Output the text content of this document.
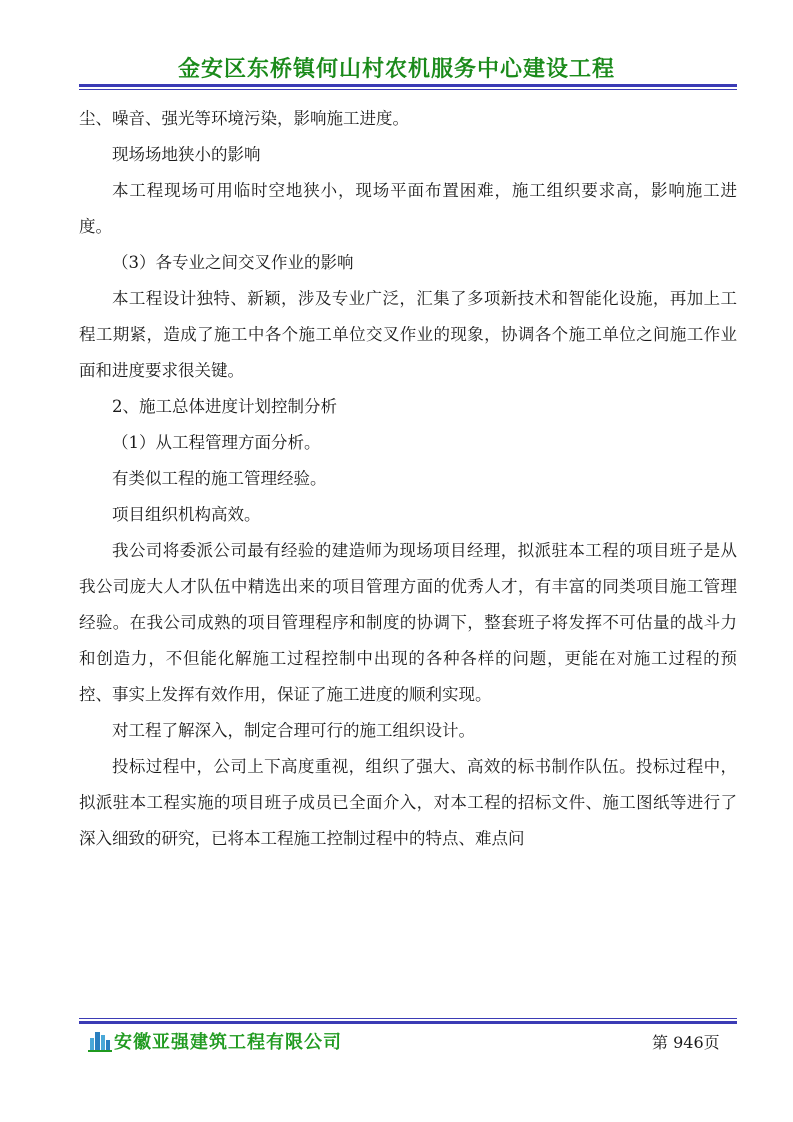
金安区东桥镇何山村农机服务中心建设工程

尘、噪音、强光等环境污染，影响施工进度。

现场场地狭小的影响

本工程现场可用临时空地狭小，现场平面布置困难，施工组织要求高，影响施工进度。

（3）各专业之间交叉作业的影响

本工程设计独特、新颖，涉及专业广泛，汇集了多项新技术和智能化设施，再加上工程工期紧，造成了施工中各个施工单位交叉作业的现象，协调各个施工单位之间施工作业面和进度要求很关键。

2、施工总体进度计划控制分析

（1）从工程管理方面分析。

有类似工程的施工管理经验。

项目组织机构高效。

我公司将委派公司最有经验的建造师为现场项目经理，拟派驻本工程的项目班子是从我公司庞大人才队伍中精选出来的项目管理方面的优秀人才，有丰富的同类项目施工管理经验。在我公司成熟的项目管理程序和制度的协调下，整套班子将发挥不可估量的战斗力和创造力，不但能化解施工过程控制中出现的各种各样的问题，更能在对施工过程的预控、事实上发挥有效作用，保证了施工进度的顺利实现。

对工程了解深入，制定合理可行的施工组织设计。

投标过程中，公司上下高度重视，组织了强大、高效的标书制作队伍。投标过程中，拟派驻本工程实施的项目班子成员已全面介入，对本工程的招标文件、施工图纸等进行了深入细致的研究，已将本工程施工控制过程中的特点、难点问

安徽亚强建筑工程有限公司	第 946页
